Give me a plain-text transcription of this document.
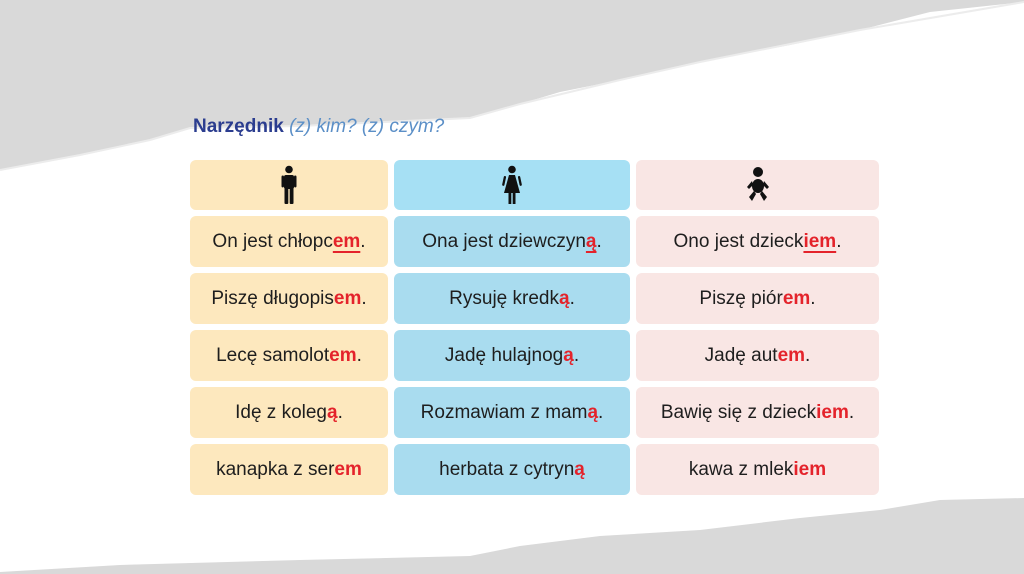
Narzędnik (z) kim? (z) czym?
On jest chłopc em .	Ona jest dziewczyn ą .	Ono jest dzieck iem .
Piszę długopis em .	Rysuję kredk ą .	Piszę piór em .
Lecę samolot em .	Jadę hulajnog ą .	Jadę aut em .
Idę z koleg ą .	Rozmawiam z mam ą .	Bawię się z dzieck iem .
kanapka z ser em	herbata z cytryn ą	kawa z mlek iem
